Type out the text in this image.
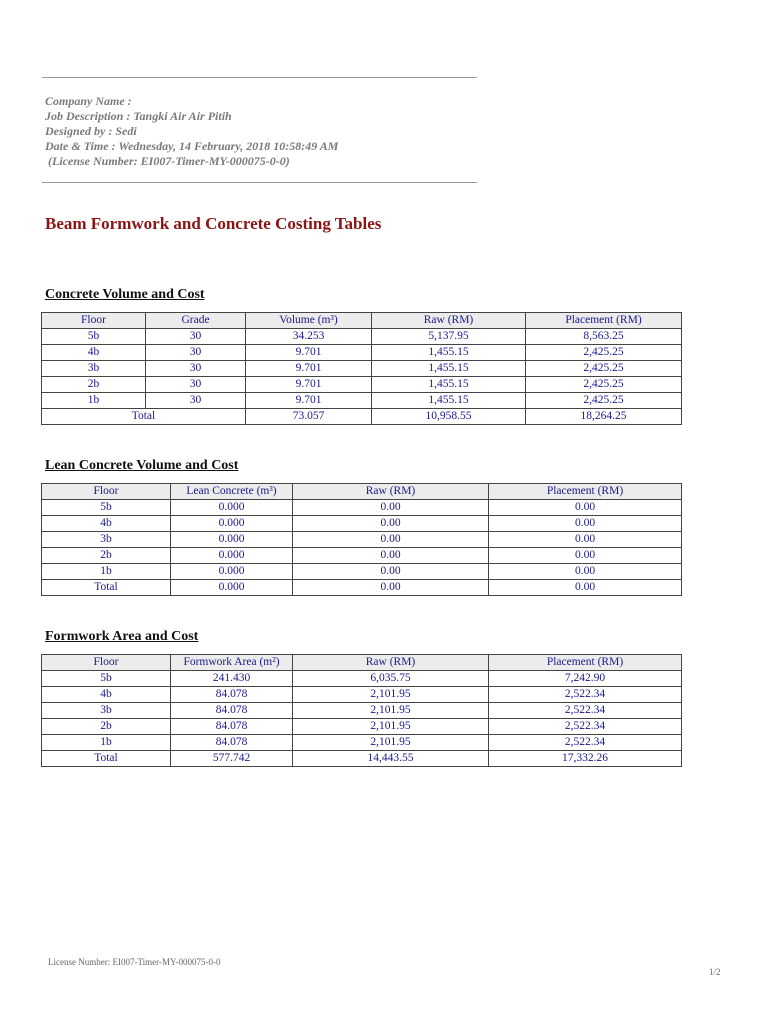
Company Name :
Job Description : Tangki Air Air Pitih
Designed by : Sedi
Date & Time : Wednesday, 14 February, 2018 10:58:49 AM
(License Number: EI007-Timer-MY-000075-0-0)
Beam Formwork and Concrete Costing Tables
Concrete Volume and Cost
Floor	Grade	Volume (m³)	Raw (RM)	Placement (RM)
5b	30	34.253	5,137.95	8,563.25
4b	30	9.701	1,455.15	2,425.25
3b	30	9.701	1,455.15	2,425.25
2b	30	9.701	1,455.15	2,425.25
1b	30	9.701	1,455.15	2,425.25
Total		73.057	10,958.55	18,264.25
Lean Concrete Volume and Cost
Floor	Lean Concrete (m³)	Raw (RM)	Placement (RM)
5b	0.000	0.00	0.00
4b	0.000	0.00	0.00
3b	0.000	0.00	0.00
2b	0.000	0.00	0.00
1b	0.000	0.00	0.00
Total	0.000	0.00	0.00
Formwork Area and Cost
Floor	Formwork Area (m²)	Raw (RM)	Placement (RM)
5b	241.430	6,035.75	7,242.90
4b	84.078	2,101.95	2,522.34
3b	84.078	2,101.95	2,522.34
2b	84.078	2,101.95	2,522.34
1b	84.078	2,101.95	2,522.34
Total	577.742	14,443.55	17,332.26
License Number: EI007-Timer-MY-000075-0-0
1/2
